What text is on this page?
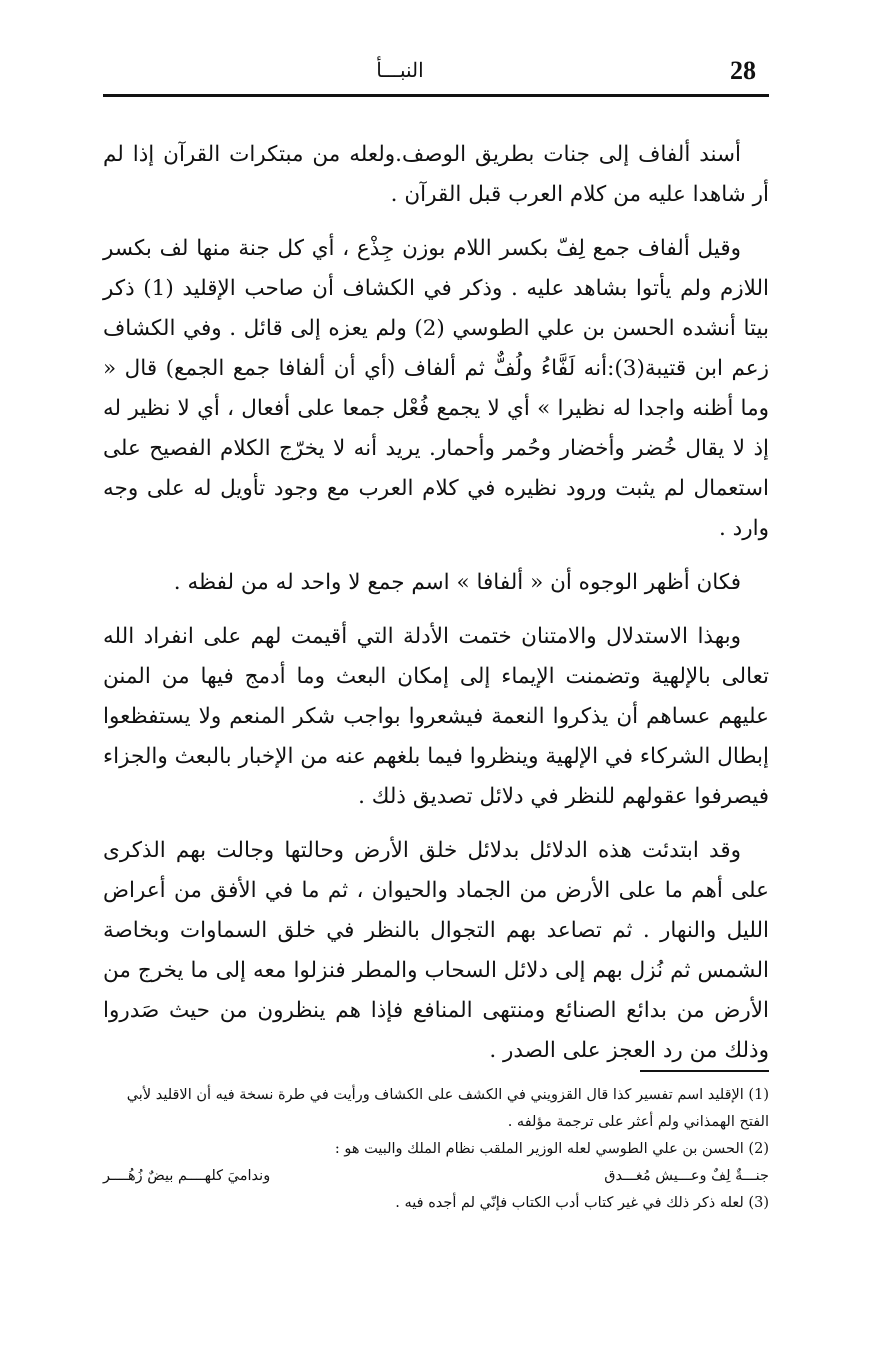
28
النبـــأ

أسند ألفاف إلى جنات بطريق الوصف.ولعله من مبتكرات القرآن إذا لم أر شاهدا عليه من كلام العرب قبل القرآن .

وقيل ألفاف جمع لِفّ بكسر اللام بوزن جِذْع ، أي كل جنة منها لف بكسر اللازم ولم يأتوا بشاهد عليه . وذكر في الكشاف أن صاحب الإقليد (1) ذكر بيتا أنشده الحسن بن علي الطوسي (2) ولم يعزه إلى قائل . وفي الكشاف زعم ابن قتيبة(3):أنه لَفَّاءُ ولُفٌّ ثم ألفاف (أي أن ألفافا جمع الجمع) قال « وما أظنه واجدا له نظيرا » أي لا يجمع فُعْل جمعا على أفعال ، أي لا نظير له إذ لا يقال خُضر وأخضار وحُمر وأحمار. يريد أنه لا يخرّج الكلام الفصيح على استعمال لم يثبت ورود نظيره في كلام العرب مع وجود تأويل له على وجه وارد .

فكان أظهر الوجوه أن « ألفافا » اسم جمع لا واحد له من لفظه .

وبهذا الاستدلال والامتنان ختمت الأدلة التي أقيمت لهم على انفراد الله تعالى بالإلهية وتضمنت الإيماء إلى إمكان البعث وما أدمج فيها من المنن عليهم عساهم أن يذكروا النعمة فيشعروا بواجب شكر المنعم ولا يستفظعوا إبطال الشركاء في الإلهية وينظروا فيما بلغهم عنه من الإخبار بالبعث والجزاء فيصرفوا عقولهم للنظر في دلائل تصديق ذلك .

وقد ابتدئت هذه الدلائل بدلائل خلق الأرض وحالتها وجالت بهم الذكرى على أهم ما على الأرض من الجماد والحيوان ، ثم ما في الأفق من أعراض الليل والنهار . ثم تصاعد بهم التجوال بالنظر في خلق السماوات وبخاصة الشمس ثم نُزل بهم إلى دلائل السحاب والمطر فنزلوا معه إلى ما يخرج من الأرض من بدائع الصنائع ومنتهى المنافع فإذا هم ينظرون من حيث صَدروا وذلك من رد العجز على الصدر .

(1) الإقليد اسم تفسير كذا قال القزويني في الكشف على الكشاف ورأيت في طرة نسخة فيه أن الاقليد لأبي الفتح الهمذاني ولم أعثر على ترجمة مؤلفه .

(2) الحسن بن علي الطوسي لعله الوزير الملقب نظام الملك والبيت هو :

جنـــةٌ لِفٌ وعـــيش مُغـــدق
ونداميَ كلهــــم بيضٌ زُهُــــر

(3) لعله ذكر ذلك في غير كتاب أدب الكتاب فإنّي لم أجده فيه .
